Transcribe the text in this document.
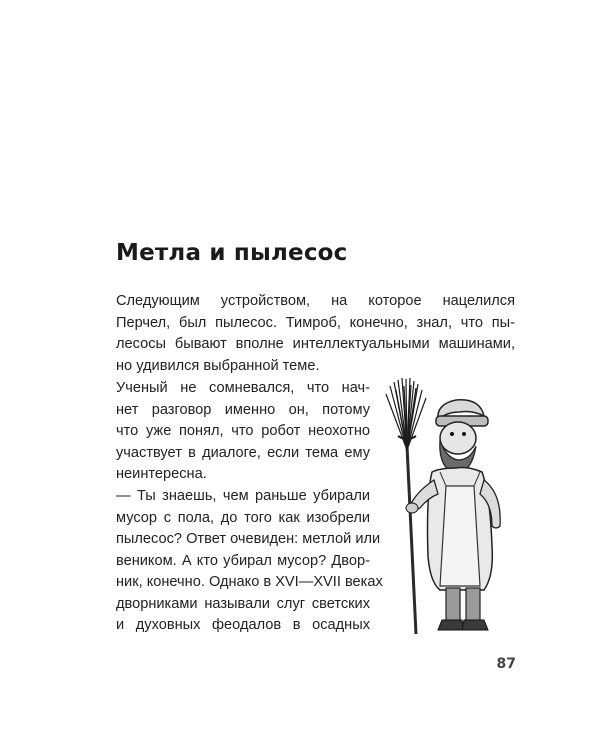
Метла и пылесос
Следующим устройством, на которое нацелился
Перчел, был пылесос. Тимроб, конечно, знал, что пы-
лесосы бывают вполне интеллектуальными машинами,
но удивился выбранной теме.
Ученый не сомневался, что нач-
нет разговор именно он, потому
что уже понял, что робот неохотно
участвует в диалоге, если тема ему
неинтересна.
— Ты знаешь, чем раньше убирали
мусор с пола, до того как изобрели
пылесос? Ответ очевиден: метлой или
веником. А кто убирал мусор? Двор-
ник, конечно. Однако в XVI—XVII веках
дворниками называли слуг светских
и духовных феодалов в осадных
87
